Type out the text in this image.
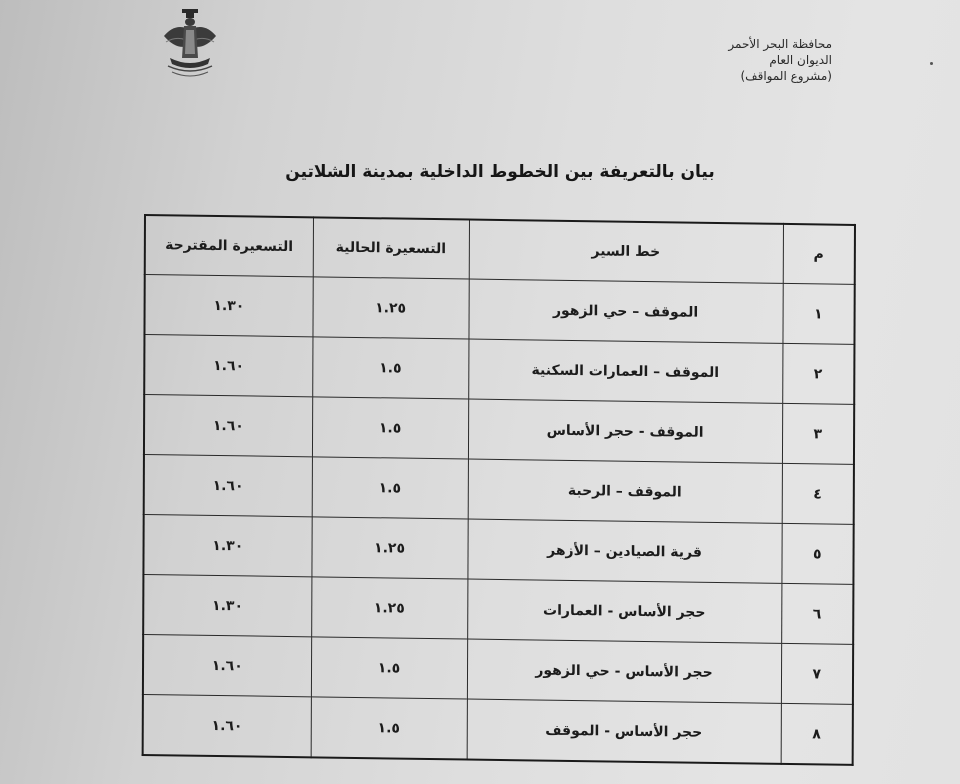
محافظة البحر الأحمر
الديوان العام
(مشروع المواقف)
بيان بالتعريفة بين الخطوط الداخلية بمدينة الشلاتين
م	خط السير	التسعيرة الحالية	التسعيرة المقترحة
١	الموقف – حي الزهور	١.٢٥	١.٣٠
٢	الموقف – العمارات السكنية	١.٥	١.٦٠
٣	الموقف - حجر الأساس	١.٥	١.٦٠
٤	الموقف – الرحبة	١.٥	١.٦٠
٥	قرية الصيادين – الأزهر	١.٢٥	١.٣٠
٦	حجر الأساس - العمارات	١.٢٥	١.٣٠
٧	حجر الأساس - حي الزهور	١.٥	١.٦٠
٨	حجر الأساس - الموقف	١.٥	١.٦٠
